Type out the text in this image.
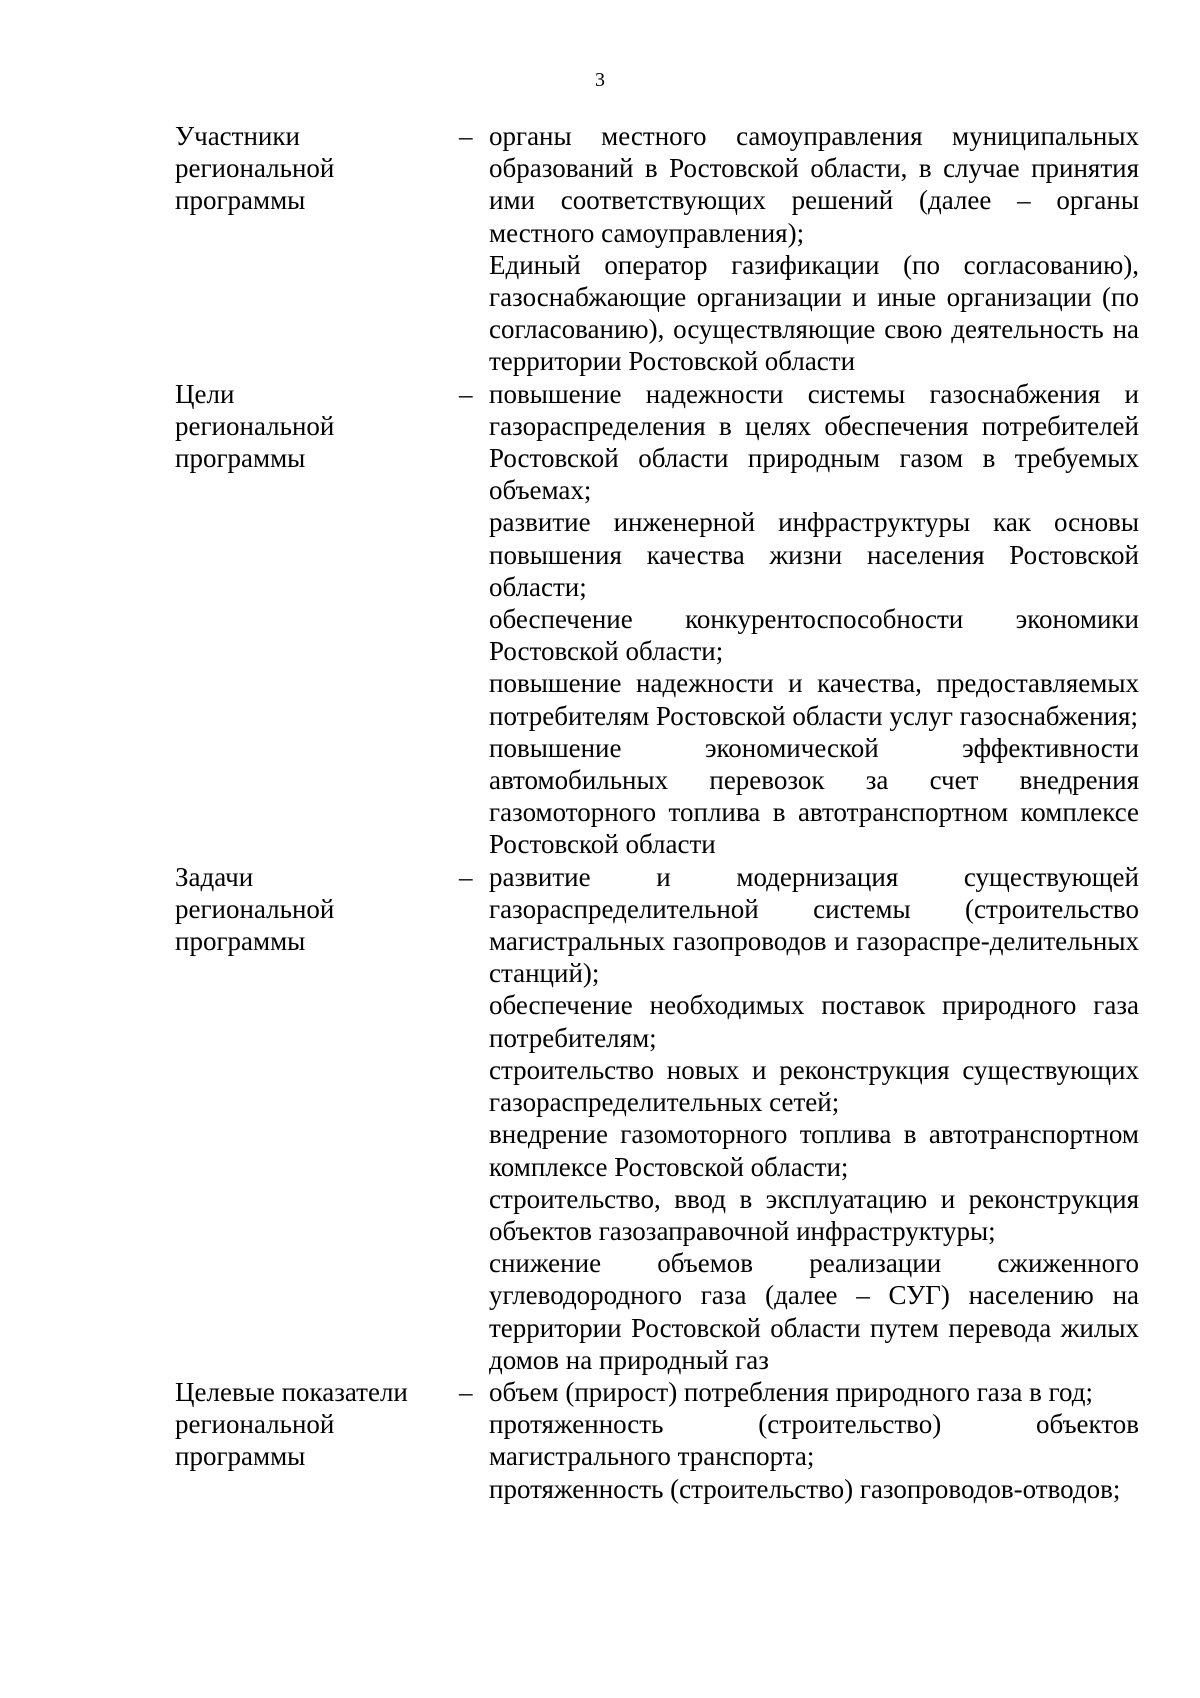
3
Участники
региональной
программы
– органы местного самоуправления муниципальных образований в Ростовской области, в случае принятия ими соответствующих решений (далее – органы местного самоуправления);

Единый оператор газификации (по согласованию), газоснабжающие организации и иные организации (по согласованию), осуществляющие свою деятельность на территории Ростовской области

Цели
региональной
программы
– повышение надежности системы газоснабжения и газораспределения в целях обеспечения потребителей Ростовской области природным газом в требуемых объемах;

развитие инженерной инфраструктуры как основы повышения качества жизни населения Ростовской области;

обеспечение конкурентоспособности экономики Ростовской области;

повышение надежности и качества, предоставляемых потребителям Ростовской области услуг газоснабжения;

повышение экономической эффективности автомобильных перевозок за счет внедрения газомоторного топлива в автотранспортном комплексе Ростовской области

Задачи
региональной
программы
– развитие и модернизация существующей газораспределительной системы (строительство магистральных газопроводов и газораспре-делительных станций);

обеспечение необходимых поставок природного газа потребителям;

строительство новых и реконструкция существующих газораспределительных сетей;

внедрение газомоторного топлива в автотранспортном комплексе Ростовской области;

строительство, ввод в эксплуатацию и реконструкция объектов газозаправочной инфраструктуры;

снижение объемов реализации сжиженного углеводородного газа (далее – СУГ) населению на территории Ростовской области путем перевода жилых домов на природный газ

Целевые показатели
региональной
программы
– объем (прирост) потребления природного газа в год;

протяженность (строительство) объектов магистрального транспорта;

протяженность (строительство) газопроводов-отводов;
